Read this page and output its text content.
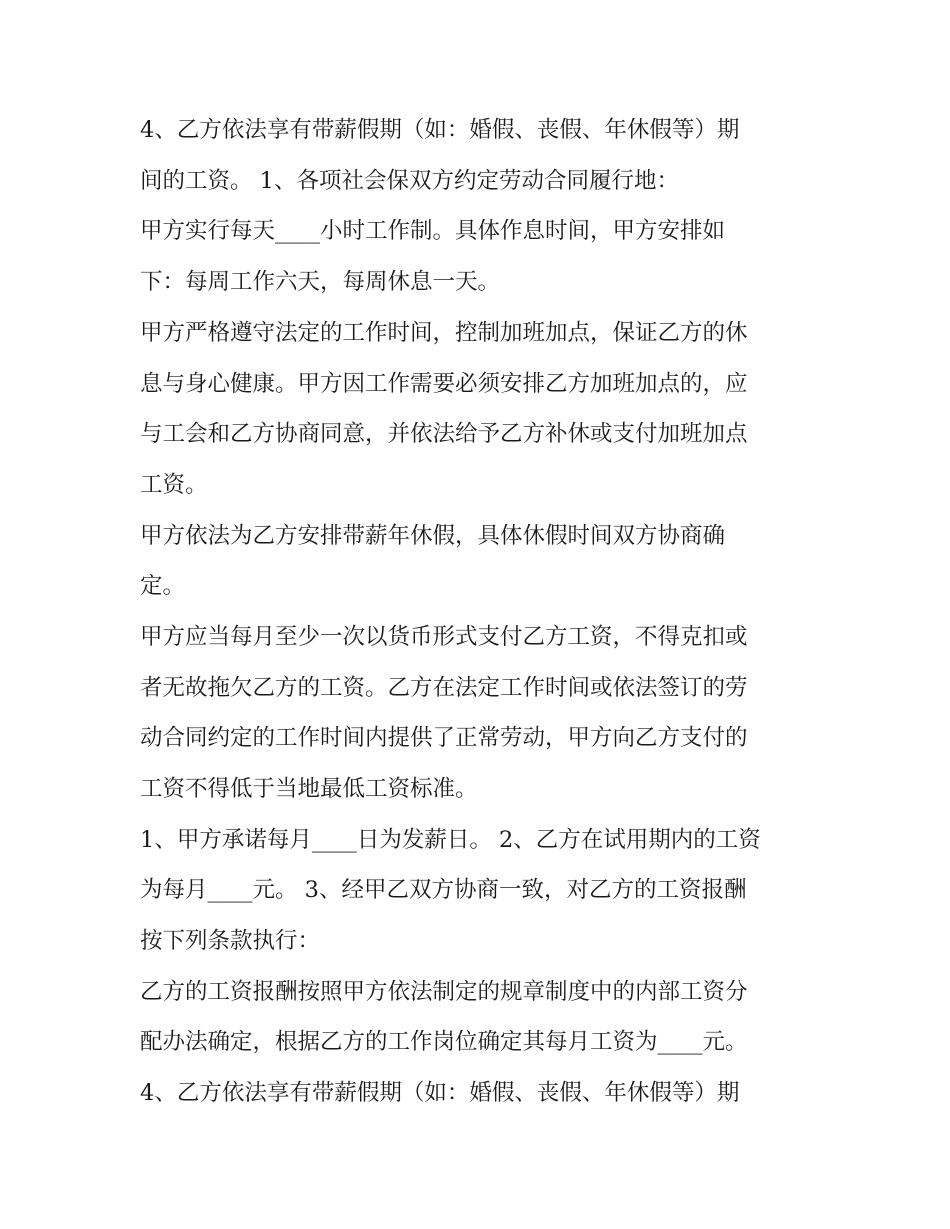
4、乙方依法享有带薪假期（如：婚假、丧假、年休假等）期
间的工资。 1、各项社会保双方约定劳动合同履行地：
甲方实行每天____小时工作制。具体作息时间，甲方安排如
下：每周工作六天，每周休息一天。
甲方严格遵守法定的工作时间，控制加班加点，保证乙方的休
息与身心健康。甲方因工作需要必须安排乙方加班加点的，应
与工会和乙方协商同意，并依法给予乙方补休或支付加班加点
工资。
甲方依法为乙方安排带薪年休假，具体休假时间双方协商确
定。
甲方应当每月至少一次以货币形式支付乙方工资，不得克扣或
者无故拖欠乙方的工资。乙方在法定工作时间或依法签订的劳
动合同约定的工作时间内提供了正常劳动，甲方向乙方支付的
工资不得低于当地最低工资标准。
1、甲方承诺每月____日为发薪日。 2、乙方在试用期内的工资
为每月____元。 3、经甲乙双方协商一致，对乙方的工资报酬
按下列条款执行：
乙方的工资报酬按照甲方依法制定的规章制度中的内部工资分
配办法确定，根据乙方的工作岗位确定其每月工资为____元。
4、乙方依法享有带薪假期（如：婚假、丧假、年休假等）期
